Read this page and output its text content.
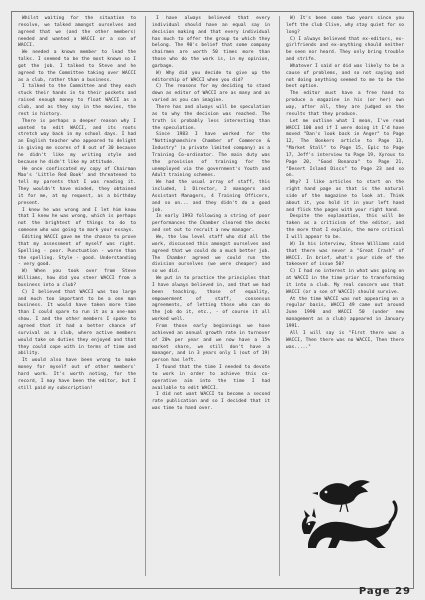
Whilst waiting for the situation to resolve, we talked amongst ourselves and agreed that we (and the other members) needed and wanted a WACCI or a son of WACCI.

We needed a known member to lead the talks. I seemed to be the most known so I got the job. I talked to Steve and he agreed to the Committee taking over WACCI as a club, rather than a business.

I talked to the Committee and they each stuck their hands in to their pockets and raised enough money to float WACCI as a club, and as they say in the movies, the rest is history.

There is perhaps a deeper reason why I wanted to edit WACCI, and its roots stretch way back in my school days. I had an English teacher who appeared to delight in giving me scores of 8 out of 30 because he didn't like my writing style and because he didn't like my attitude.

He once confiscated my copy of Chairman Mao's 'Little Red Book' and threatened to tell my parents that I was reading it. They wouldn't have minded, they obtained it for me, at my request, as a birthday present.

I knew he was wrong and I let him know that I knew he was wrong, which is perhaps not the brightest of things to do to someone who was going to mark your essays.

Editing WACCI gave me the chance to prove that my assessment of myself was right. Spelling - poor. Punctuation - worse than the spelling. Style - good. Understanding - very good.

W) When you took over from Steve Williams, how did you steer WACCI from a business into a club?

C) I believed that WACCI was too large and much too important to be a one man business. It would have taken more time than I could spare to run it as a one-man show. I and the other members I spoke to agreed that it had a better chance of survival as a club, where active members would take on duties they enjoyed and that they could cope with in terms of time and ability.

It would also have been wrong to make money for myself out of other members' hard work. It's worth noting, for the record, I may have been the editor, but I still paid my subscription!

I have always believed that every individual should have an equal say in decision making and that every individual has much to offer the group to which they belong. The 90's belief that some company chairmen are worth 50 times more than those who do the work is, in my opinion, garbage.

W) Why did you decide to give up the editorship of WACCI when you did?

C) The reasons for my deciding to stand down as editor of WACCI are as many and as varied as you can imagine.

There has and always will be speculation as to why the decision was reached. The truth is probably less interesting than the speculation.

Since 1983 I have worked for the "Nottinghamshire Chamber of Commerce & Industry" (a private limited company) as a Training Co-ordinator. The main duty was the provision of training for the unemployed via the government's Youth and Adult training schemes.

We had the usual array of staff, this included, 1 Director, 2 managers and Assistant Managers, 4 Training Officers, and so on... and they didn't do a good job.

In early 1993 following a string of poor performances the Chamber cleared the decks and set out to recruit a new manager.

We, the low level staff who did all the work, discussed this amongst ourselves and agreed that we could do a much better job. The Chamber agreed we could run the division ourselves (we were cheaper) and so we did.

We put in to practice the principles that I have always believed in, and that we had been teaching, those of equality, empowerment of staff, consensus agreements, of letting those who can do the job do it, etc., - of course it all worked well.

From those early beginnings we have achieved an annual growth rate in turnover of 20% per year and we now have a 15% market share, we still don't have a manager, and in 3 years only 1 (out of 19) person has left.

I found that the time I needed to devote to work in order to achieve this co-operative aim into the time I had available to edit WACCI.

I did not want WACCI to become a second rate publication and so I decided that it was time to hand over.

W) It's been some two years since you left the club Clive, why stay quiet for so long?

C) I always believed that ex-editors, ex-girlfriends and ex-anything should neither be seen nor heard. They only bring trouble and strife.

Whatever I said or did was likely to be a cause of problems, and so not saying and not doing anything seemed to me to be the best option.

The editor must have a free hand to produce a magazine in his (or her) own way, after all, they are judged on the results that they produce.

Let me outline what I mean, I've read WACCI 100 and if I were doing it I'd have moved "Dan's look back in Anger" to Page 12, The Bonkers article to Page 13, "Market Stall" to Page 15, Epic to Page 17, Jeff's interview to Page 19, Xyrous to Page 20, "Good Bonanza" to Page 21, "Desert Island Discs" to Page 23 and so on.

Why? I like articles to start on the right hand page as that is the natural side of the magazine to look at. Think about it, you hold it in your left hand and flick the pages with your right hand.

Despite the explanation, this will be taken as a criticism of the editor, and the more that I explain, the more critical I will appear to be.

W) In his interview, Steve Williams said that there was never a "Great Crash" of WACCI. In brief, what's your side of the takeover of issue 50?

C) I had no interest in what was going on at WACCI in the time prior to transforming it into a club. My real concern was that WACCI (or a son of WACCI) should survive.

At the time WACCI was not appearing on a regular basis, WACCI 49 came out around June 1990 and WACCI 50 (under new management as a club) appeared in January 1991.

All I will say is "First there was a WACCI, Then there was no WACCI, Then there was....."

Page 29
